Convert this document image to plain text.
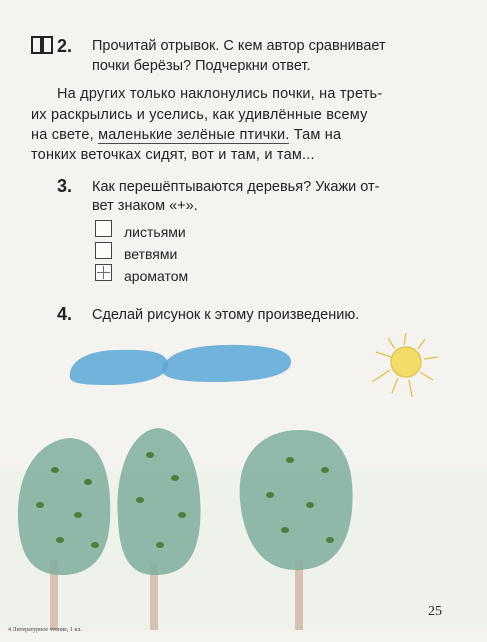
2. Прочитай отрывок. С кем автор сравнивает
почки берёзы? Подчеркни ответ.
На других только наклонулись почки, на треть-
их раскрылись и уселись, как удивлённые всему
на свете, маленькие зелёные птички. Там на
тонких веточках сидят, вот и там, и там...
3. Как перешёптываются деревья? Укажи от-
вет знаком «+».
листьями
ветвями
ароматом
4. Сделай рисунок к этому произведению.
4 Литературное чтение, 1 кл.
25
